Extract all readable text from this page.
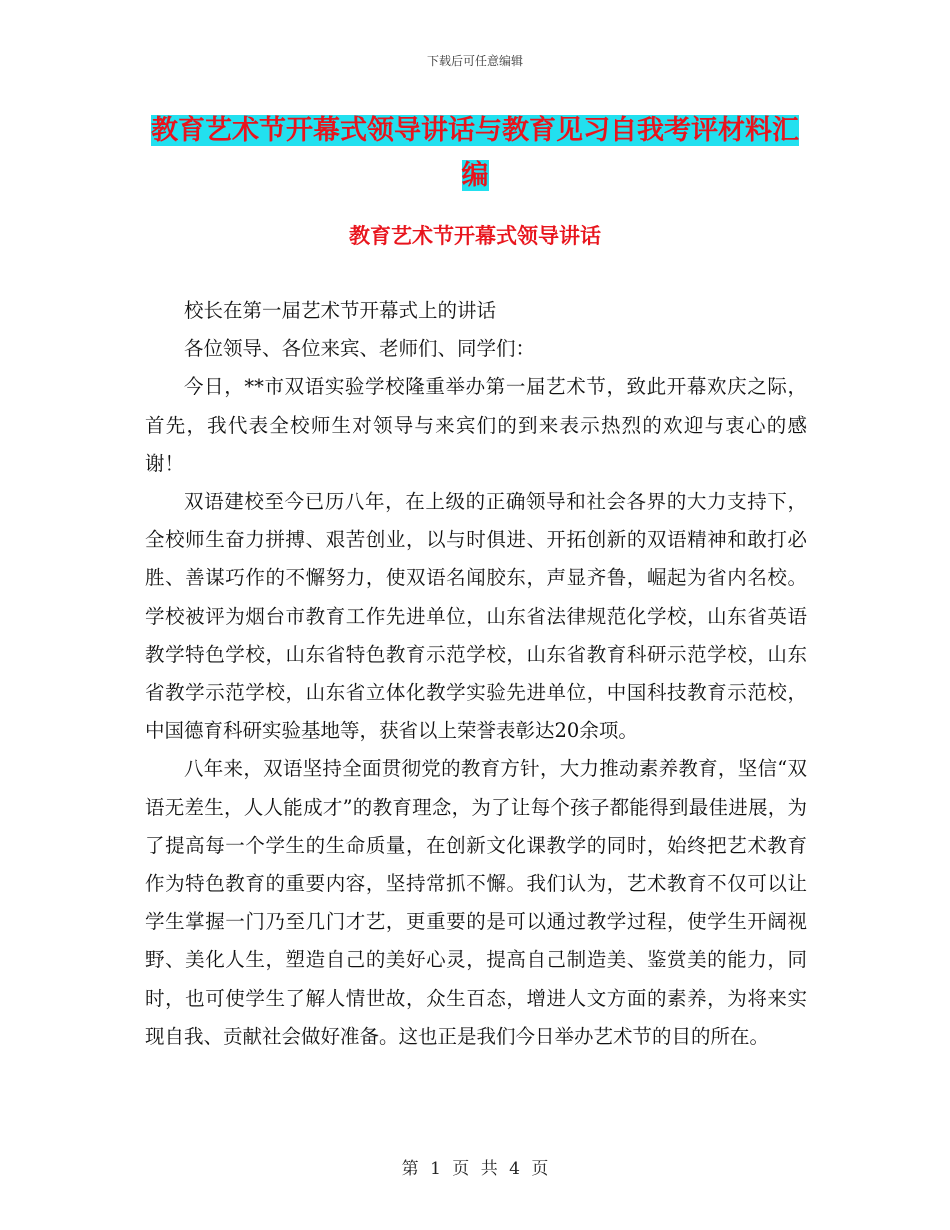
下载后可任意编辑
教育艺术节开幕式领导讲话与教育见习自我考评材料汇编
教育艺术节开幕式领导讲话

校长在第一届艺术节开幕式上的讲话

各位领导、各位来宾、老师们、同学们：

今日，**市双语实验学校隆重举办第一届艺术节，致此开幕欢庆之际，首先，我代表全校师生对领导与来宾们的到来表示热烈的欢迎与衷心的感谢！

双语建校至今已历八年，在上级的正确领导和社会各界的大力支持下，全校师生奋力拼搏、艰苦创业，以与时俱进、开拓创新的双语精神和敢打必胜、善谋巧作的不懈努力，使双语名闻胶东，声显齐鲁，崛起为省内名校。学校被评为烟台市教育工作先进单位，山东省法律规范化学校，山东省英语教学特色学校，山东省特色教育示范学校，山东省教育科研示范学校，山东省教学示范学校，山东省立体化教学实验先进单位，中国科技教育示范校，中国德育科研实验基地等，获省以上荣誉表彰达20余项。

八年来，双语坚持全面贯彻党的教育方针，大力推动素养教育，坚信“双语无差生，人人能成才”的教育理念，为了让每个孩子都能得到最佳进展，为了提高每一个学生的生命质量，在创新文化课教学的同时，始终把艺术教育作为特色教育的重要内容，坚持常抓不懈。我们认为，艺术教育不仅可以让学生掌握一门乃至几门才艺，更重要的是可以通过教学过程，使学生开阔视野、美化人生，塑造自己的美好心灵，提高自己制造美、鉴赏美的能力，同时，也可使学生了解人情世故，众生百态，增进人文方面的素养，为将来实现自我、贡献社会做好准备。这也正是我们今日举办艺术节的目的所在。

第 1 页 共 4 页
